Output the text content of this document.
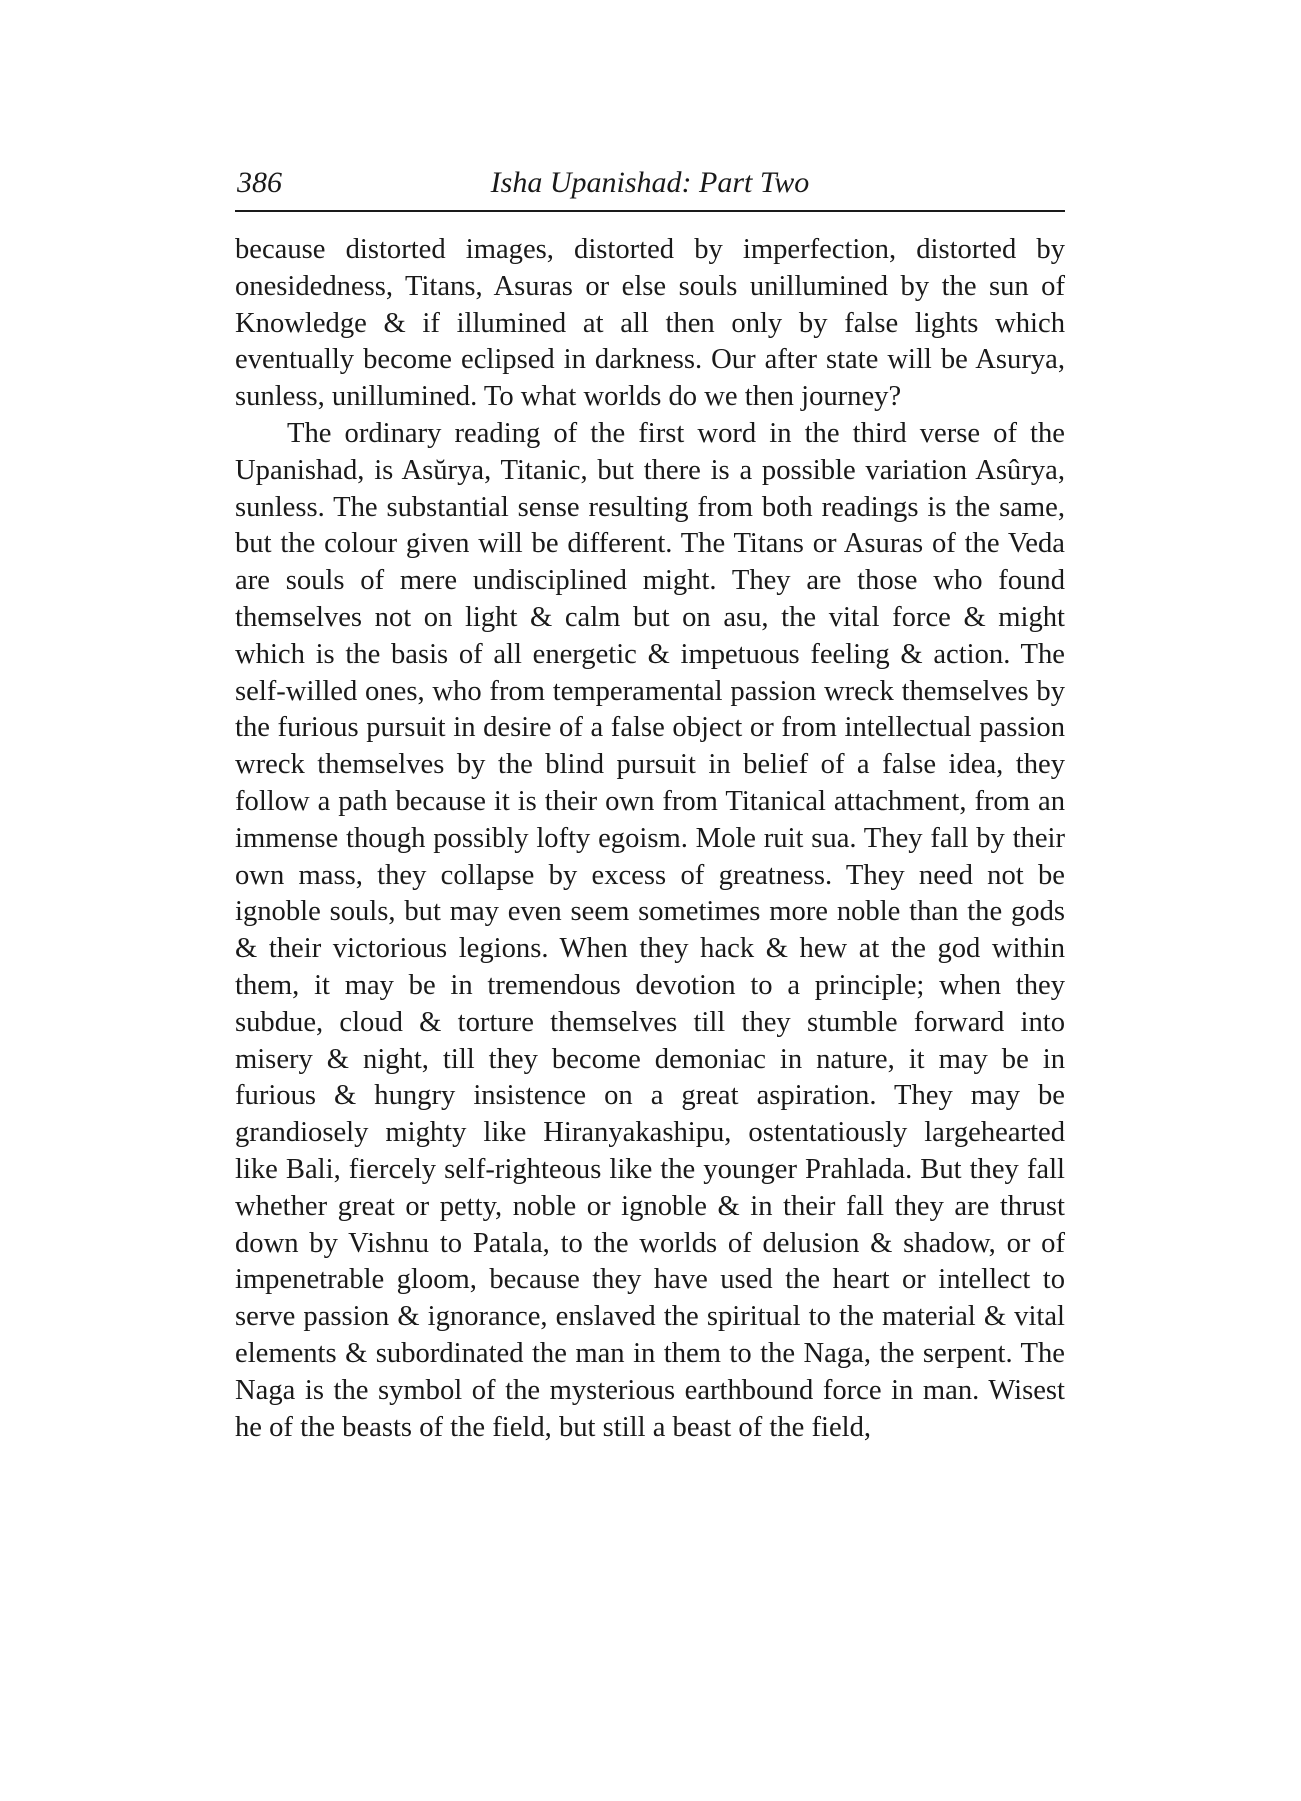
386	Isha Upanishad: Part Two

because distorted images, distorted by imperfection, distorted by onesidedness, Titans, Asuras or else souls unillumined by the sun of Knowledge & if illumined at all then only by false lights which eventually become eclipsed in darkness. Our after state will be Asurya, sunless, unillumined. To what worlds do we then journey?

The ordinary reading of the first word in the third verse of the Upanishad, is Asŭrya, Titanic, but there is a possible variation Asûrya, sunless. The substantial sense resulting from both readings is the same, but the colour given will be different. The Titans or Asuras of the Veda are souls of mere undisciplined might. They are those who found themselves not on light & calm but on asu, the vital force & might which is the basis of all energetic & impetuous feeling & action. The self-willed ones, who from temperamental passion wreck themselves by the furious pursuit in desire of a false object or from intellectual passion wreck themselves by the blind pursuit in belief of a false idea, they follow a path because it is their own from Titanical attachment, from an immense though possibly lofty egoism. Mole ruit sua. They fall by their own mass, they collapse by excess of greatness. They need not be ignoble souls, but may even seem sometimes more noble than the gods & their victorious legions. When they hack & hew at the god within them, it may be in tremendous devotion to a principle; when they subdue, cloud & torture themselves till they stumble forward into misery & night, till they become demoniac in nature, it may be in furious & hungry insistence on a great aspiration. They may be grandiosely mighty like Hiranyakashipu, ostentatiously largehearted like Bali, fiercely self-righteous like the younger Prahlada. But they fall whether great or petty, noble or ignoble & in their fall they are thrust down by Vishnu to Patala, to the worlds of delusion & shadow, or of impenetrable gloom, because they have used the heart or intellect to serve passion & ignorance, enslaved the spiritual to the material & vital elements & subordinated the man in them to the Naga, the serpent. The Naga is the symbol of the mysterious earthbound force in man. Wisest he of the beasts of the field, but still a beast of the field,
